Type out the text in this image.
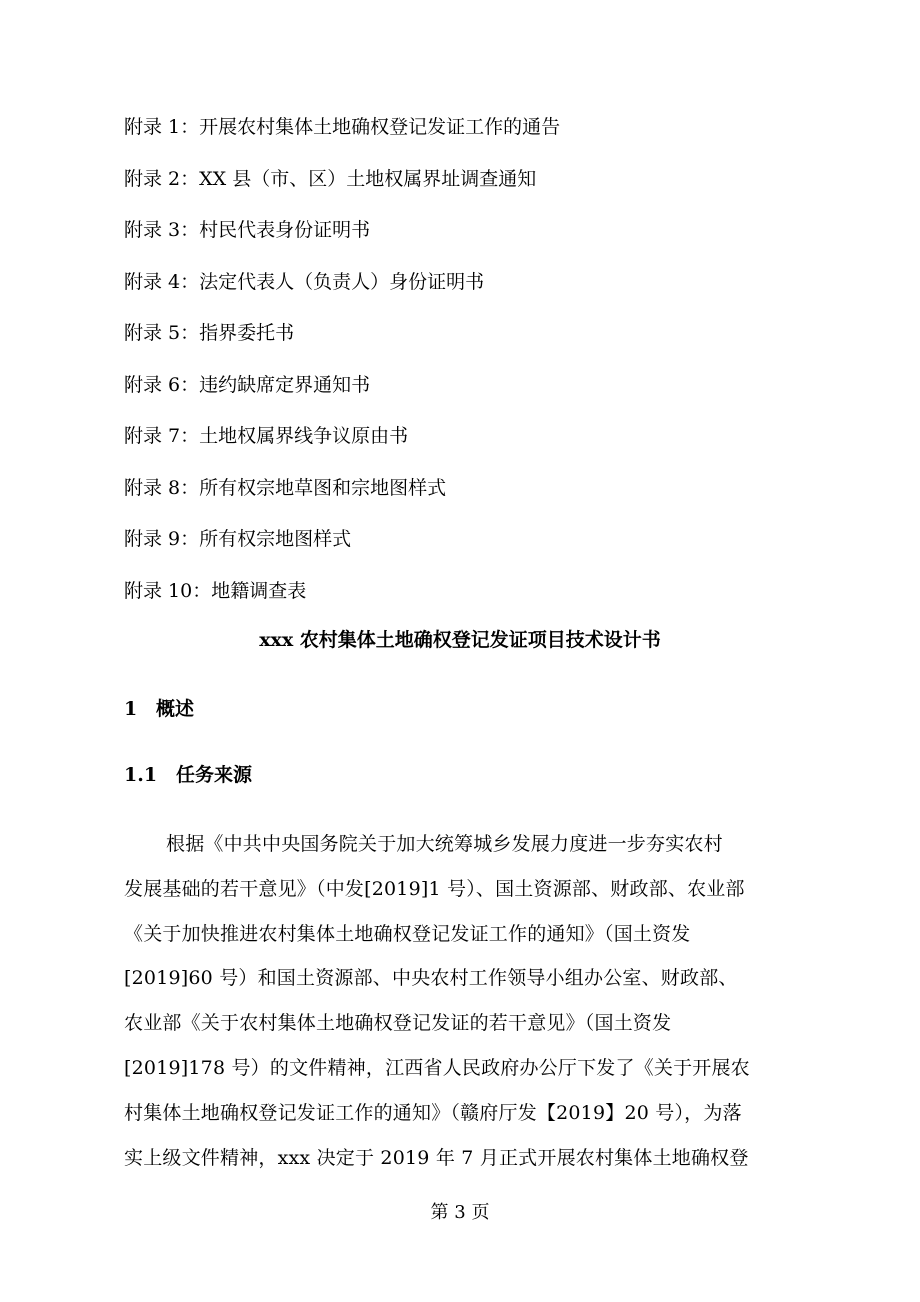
附录 1：开展农村集体土地确权登记发证工作的通告
附录 2：XX 县（市、区）土地权属界址调查通知
附录 3：村民代表身份证明书
附录 4：法定代表人（负责人）身份证明书
附录 5：指界委托书
附录 6：违约缺席定界通知书
附录 7：土地权属界线争议原由书
附录 8：所有权宗地草图和宗地图样式
附录 9：所有权宗地图样式
附录 10：地籍调查表
xxx 农村集体土地确权登记发证项目技术设计书
1 概述
1.1 任务来源
根据《中共中央国务院关于加大统筹城乡发展力度进一步夯实农村
发展基础的若干意见》（中发[2019]1 号）、国土资源部、财政部、农业部
《关于加快推进农村集体土地确权登记发证工作的通知》（国土资发
[2019]60 号）和国土资源部、中央农村工作领导小组办公室、财政部、
农业部《关于农村集体土地确权登记发证的若干意见》（国土资发
[2019]178 号）的文件精神，江西省人民政府办公厅下发了《关于开展农
村集体土地确权登记发证工作的通知》（赣府厅发【2019】20 号），为落
实上级文件精神，xxx 决定于 2019 年 7 月正式开展农村集体土地确权登
第 3 页
